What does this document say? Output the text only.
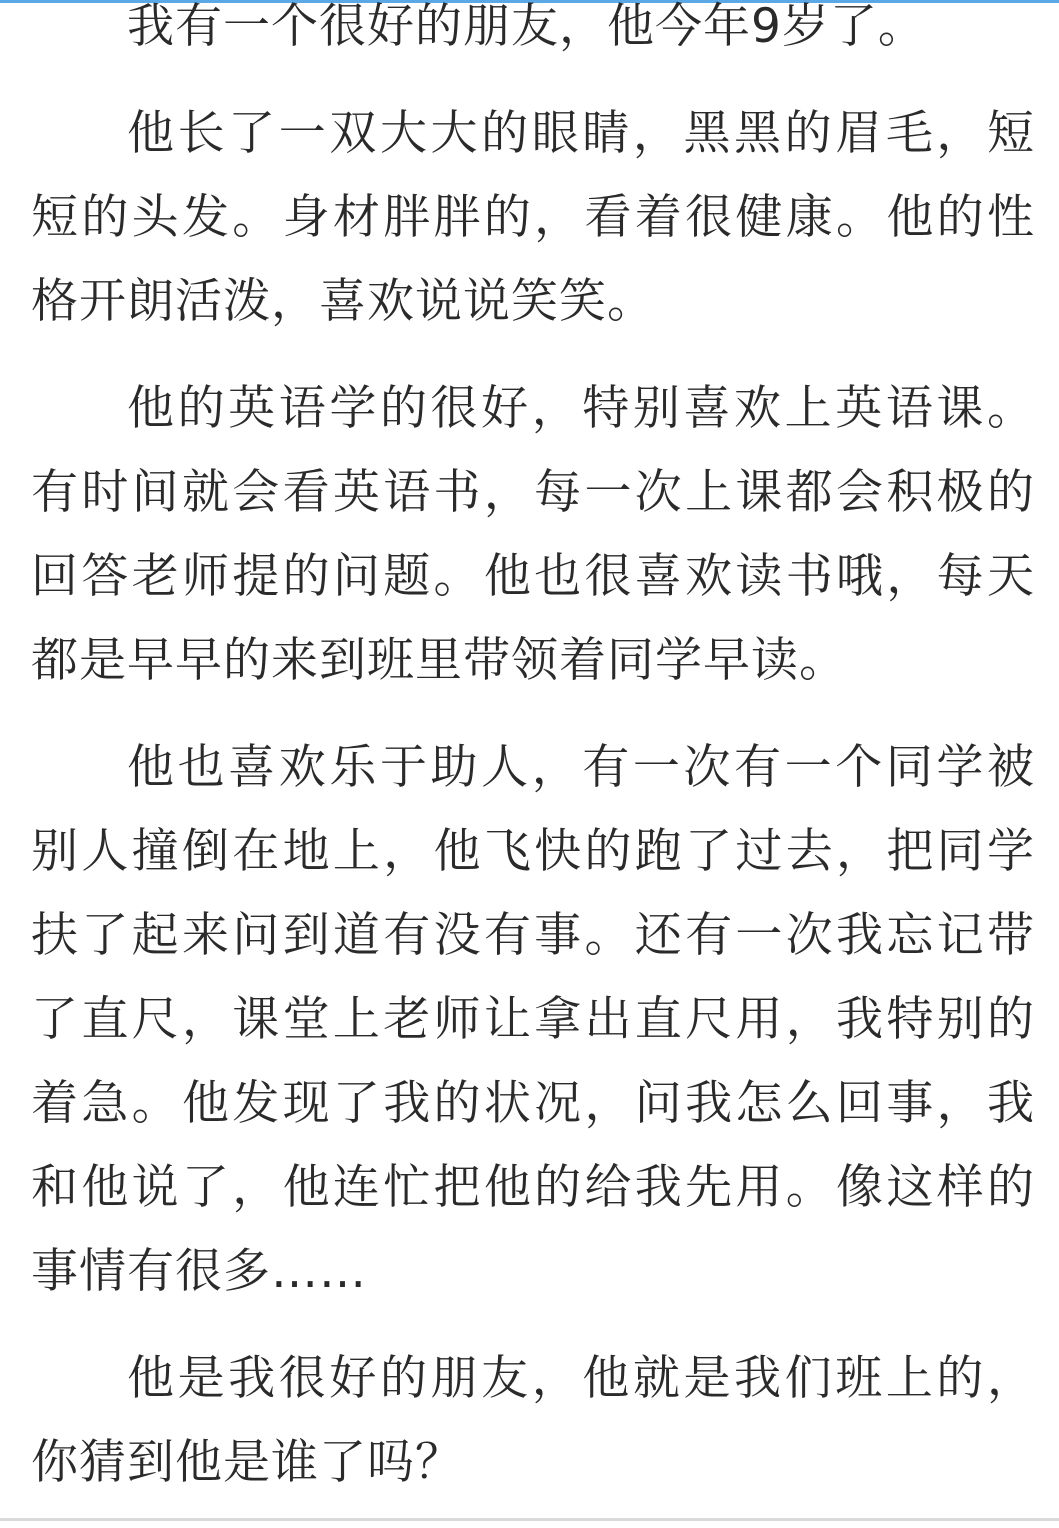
我有一个很好的朋友，他今年9岁了。

他长了一双大大的眼睛，黑黑的眉毛，短短的头发。身材胖胖的，看着很健康。他的性格开朗活泼，喜欢说说笑笑。

他的英语学的很好，特别喜欢上英语课。有时间就会看英语书，每一次上课都会积极的回答老师提的问题。他也很喜欢读书哦，每天都是早早的来到班里带领着同学早读。

他也喜欢乐于助人，有一次有一个同学被别人撞倒在地上，他飞快的跑了过去，把同学扶了起来问到道有没有事。还有一次我忘记带了直尺，课堂上老师让拿出直尺用，我特别的着急。他发现了我的状况，问我怎么回事，我和他说了，他连忙把他的给我先用。像这样的事情有很多……

他是我很好的朋友，他就是我们班上的，你猜到他是谁了吗？
